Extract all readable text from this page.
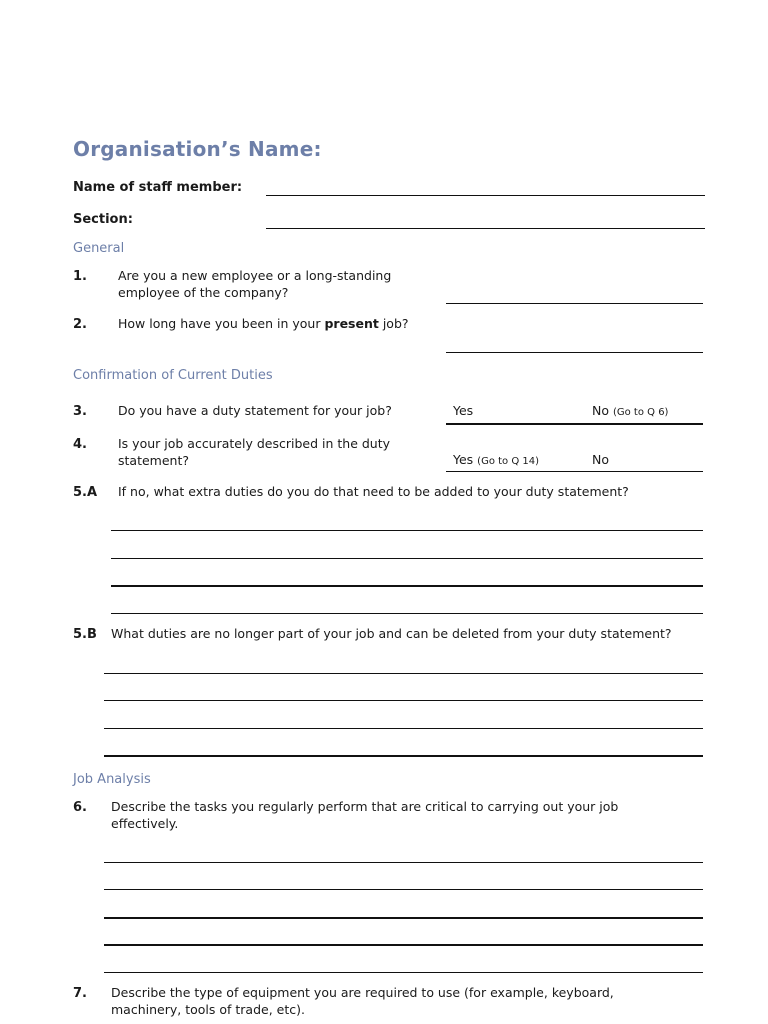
Organisation’s Name:
Name of staff member:
Section:
General
1. Are you a new employee or a long-standing employee of the company?
2. How long have you been in your present job?
Confirmation of Current Duties
3. Do you have a duty statement for your job?	Yes	No (Go to Q 6)
4. Is your job accurately described in the duty statement?	Yes (Go to Q 14)	No
5.A If no, what extra duties do you do that need to be added to your duty statement?
5.B What duties are no longer part of your job and can be deleted from your duty statement?
Job Analysis
6. Describe the tasks you regularly perform that are critical to carrying out your job effectively.
7. Describe the type of equipment you are required to use (for example, keyboard, machinery, tools of trade, etc).
